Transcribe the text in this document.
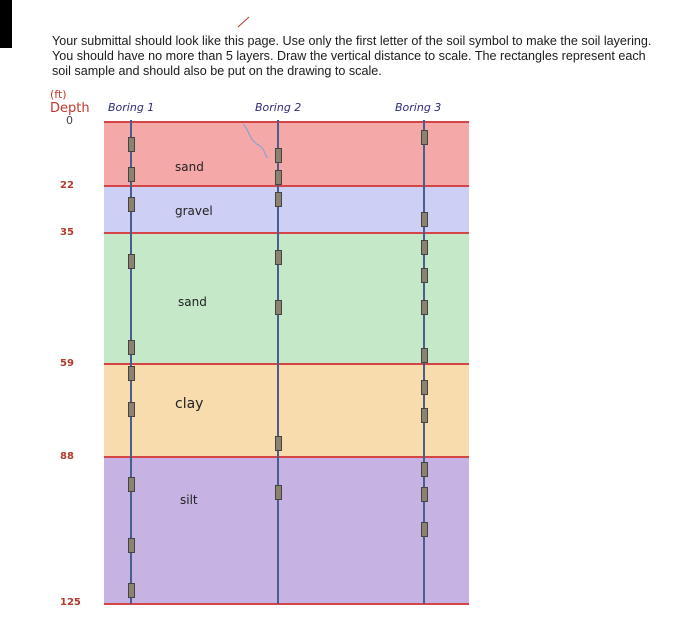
Your submittal should look like this page. Use only the first letter of the soil symbol to make the soil layering. You should have no more than 5 layers. Draw the vertical distance to scale. The rectangles represent each soil sample and should also be put on the drawing to scale.
(ft)
Depth
0
Boring 1	Boring 2	Boring 3
22
35
59
88
125
sand
gravel
sand
clay
silt
